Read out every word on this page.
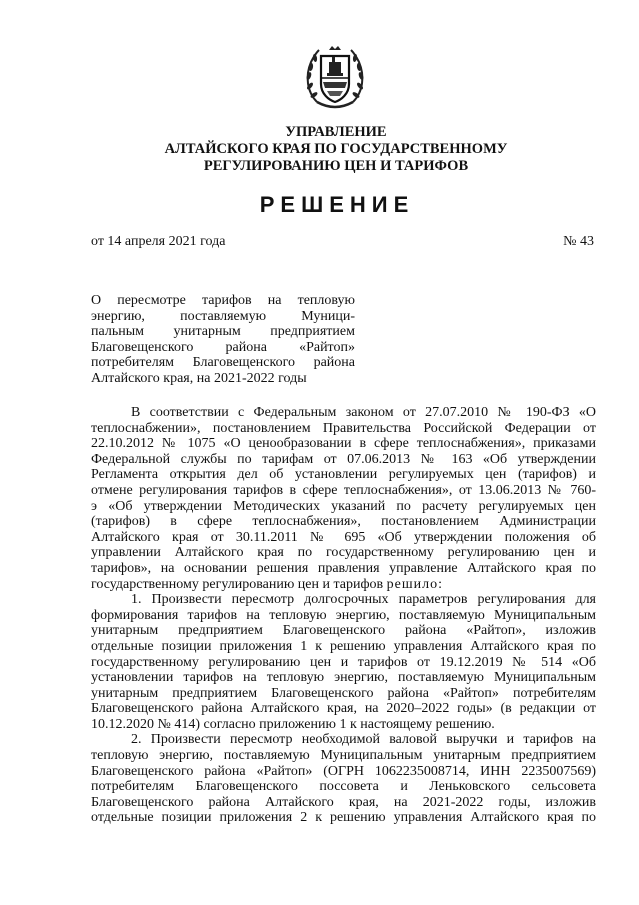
УПРАВЛЕНИЕ
АЛТАЙСКОГО КРАЯ ПО ГОСУДАРСТВЕННОМУ
РЕГУЛИРОВАНИЮ ЦЕН И ТАРИФОВ
РЕШЕНИЕ
от 14 апреля 2021 года	№ 43
О пересмотре тарифов на тепловую
энергию, поставляемую Муници-
пальным унитарным предприятием
Благовещенского района «Райтоп»
потребителям Благовещенского района
Алтайского края, на 2021-2022 годы
В соответствии с Федеральным законом от 27.07.2010 № 190-ФЗ «О
теплоснабжении», постановлением Правительства Российской Федерации от
22.10.2012 № 1075 «О ценообразовании в сфере теплоснабжения», приказами
Федеральной службы по тарифам от 07.06.2013 № 163 «Об утверждении
Регламента открытия дел об установлении регулируемых цен (тарифов) и
отмене регулирования тарифов в сфере теплоснабжения», от 13.06.2013 № 760-
э «Об утверждении Методических указаний по расчету регулируемых цен
(тарифов) в сфере теплоснабжения», постановлением Администрации
Алтайского края от 30.11.2011 № 695 «Об утверждении положения об
управлении Алтайского края по государственному регулированию цен и
тарифов», на основании решения правления управление Алтайского края по
государственному регулированию цен и тарифов решило:
1. Произвести пересмотр долгосрочных параметров регулирования для
формирования тарифов на тепловую энергию, поставляемую Муниципальным
унитарным предприятием Благовещенского района «Райтоп», изложив
отдельные позиции приложения 1 к решению управления Алтайского края по
государственному регулированию цен и тарифов от 19.12.2019 № 514 «Об
установлении тарифов на тепловую энергию, поставляемую Муниципальным
унитарным предприятием Благовещенского района «Райтоп» потребителям
Благовещенского района Алтайского края, на 2020–2022 годы» (в редакции от
10.12.2020 № 414) согласно приложению 1 к настоящему решению.
2. Произвести пересмотр необходимой валовой выручки и тарифов на
тепловую энергию, поставляемую Муниципальным унитарным предприятием
Благовещенского района «Райтоп» (ОГРН 1062235008714, ИНН 2235007569)
потребителям Благовещенского поссовета и Леньковского сельсовета
Благовещенского района Алтайского края, на 2021-2022 годы, изложив
отдельные позиции приложения 2 к решению управления Алтайского края по
